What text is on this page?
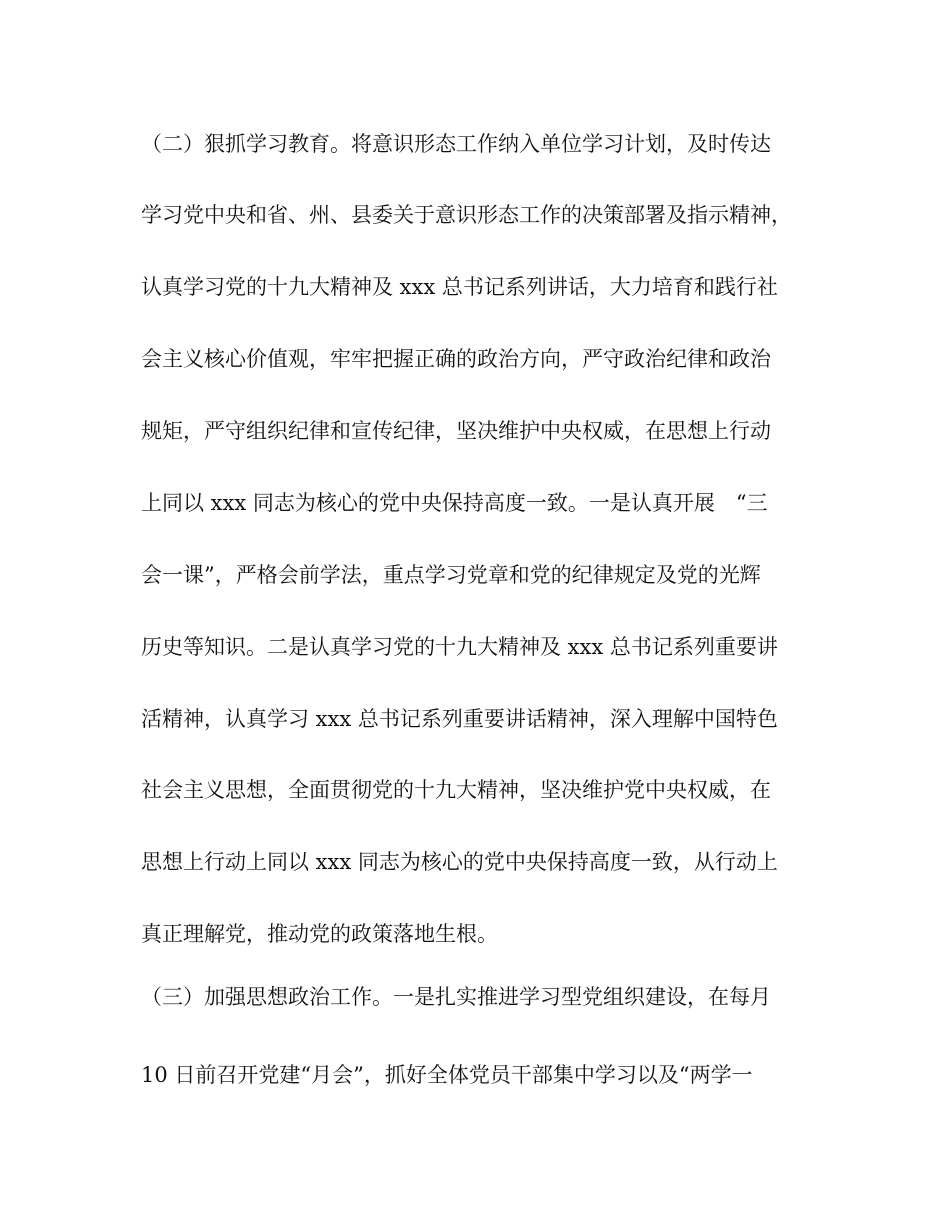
（二）狠抓学习教育。将意识形态工作纳入单位学习计划，及时传达
学习党中央和省、州、县委关于意识形态工作的决策部署及指示精神，
认真学习党的十九大精神及 xxx 总书记系列讲话，大力培育和践行社
会主义核心价值观，牢牢把握正确的政治方向，严守政治纪律和政治
规矩，严守组织纪律和宣传纪律，坚决维护中央权威，在思想上行动
上同以 xxx 同志为核心的党中央保持高度一致。一是认真开展　“三
会一课”，严格会前学法，重点学习党章和党的纪律规定及党的光辉
历史等知识。二是认真学习党的十九大精神及 xxx 总书记系列重要讲
活精神，认真学习 xxx 总书记系列重要讲话精神，深入理解中国特色
社会主义思想，全面贯彻党的十九大精神，坚决维护党中央权威，在
思想上行动上同以 xxx 同志为核心的党中央保持高度一致，从行动上
真正理解党，推动党的政策落地生根。
（三）加强思想政治工作。一是扎实推进学习型党组织建设，在每月
10 日前召开党建“月会”，抓好全体党员干部集中学习以及“两学一
